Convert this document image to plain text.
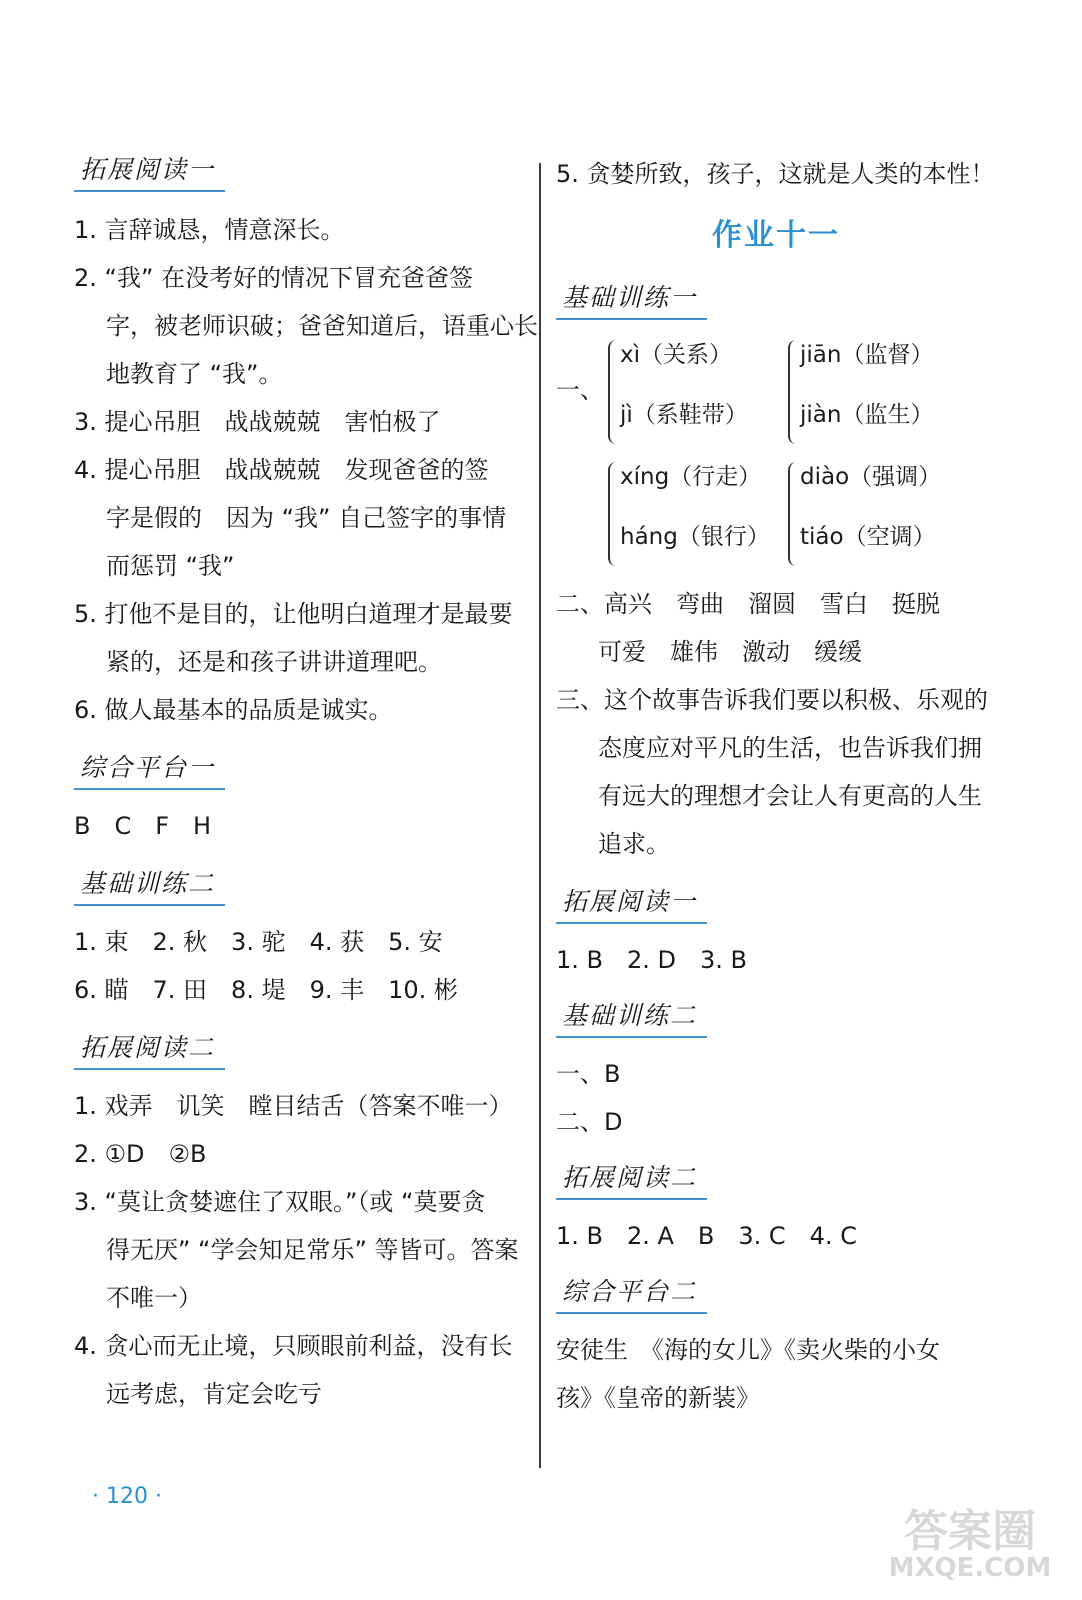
拓展阅读一
1. 言辞诚恳，情意深长。
2. “我” 在没考好的情况下冒充爸爸签
字，被老师识破；爸爸知道后，语重心长
地教育了 “我”。
3. 提心吊胆　战战兢兢　害怕极了
4. 提心吊胆　战战兢兢　发现爸爸的签
字是假的　因为 “我” 自己签字的事情
而惩罚 “我”
5. 打他不是目的，让他明白道理才是最要
紧的，还是和孩子讲讲道理吧。
6. 做人最基本的品质是诚实。
综合平台一
B　C　F　H
基础训练二
1. 束　2. 秋　3. 驼　4. 获　5. 安
6. 瞄　7. 田　8. 堤　9. 丰　10. 彬
拓展阅读二
1. 戏弄　讥笑　瞠目结舌（答案不唯一）
2. ①D　②B
3. “莫让贪婪遮住了双眼。”（或 “莫要贪
得无厌” “学会知足常乐” 等皆可。答案
不唯一）
4. 贪心而无止境，只顾眼前利益，没有长
远考虑，肯定会吃亏
5. 贪婪所致，孩子，这就是人类的本性！
作业十一
基础训练一
一、
xì（关系）
jì（系鞋带）
jiān（监督）
jiàn（监生）
xíng（行走）
háng（银行）
diào（强调）
tiáo（空调）
二、高兴　弯曲　溜圆　雪白　挺脱
可爱　雄伟　激动　缓缓
三、这个故事告诉我们要以积极、乐观的
态度应对平凡的生活，也告诉我们拥
有远大的理想才会让人有更高的人生
追求。
拓展阅读一
1. B　2. D　3. B
基础训练二
一、B
二、D
拓展阅读二
1. B　2. A　B　3. C　4. C
综合平台二
安徒生　《海的女儿》《卖火柴的小女
孩》《皇帝的新装》
· 120 ·
答案圈
MXQE.COM
